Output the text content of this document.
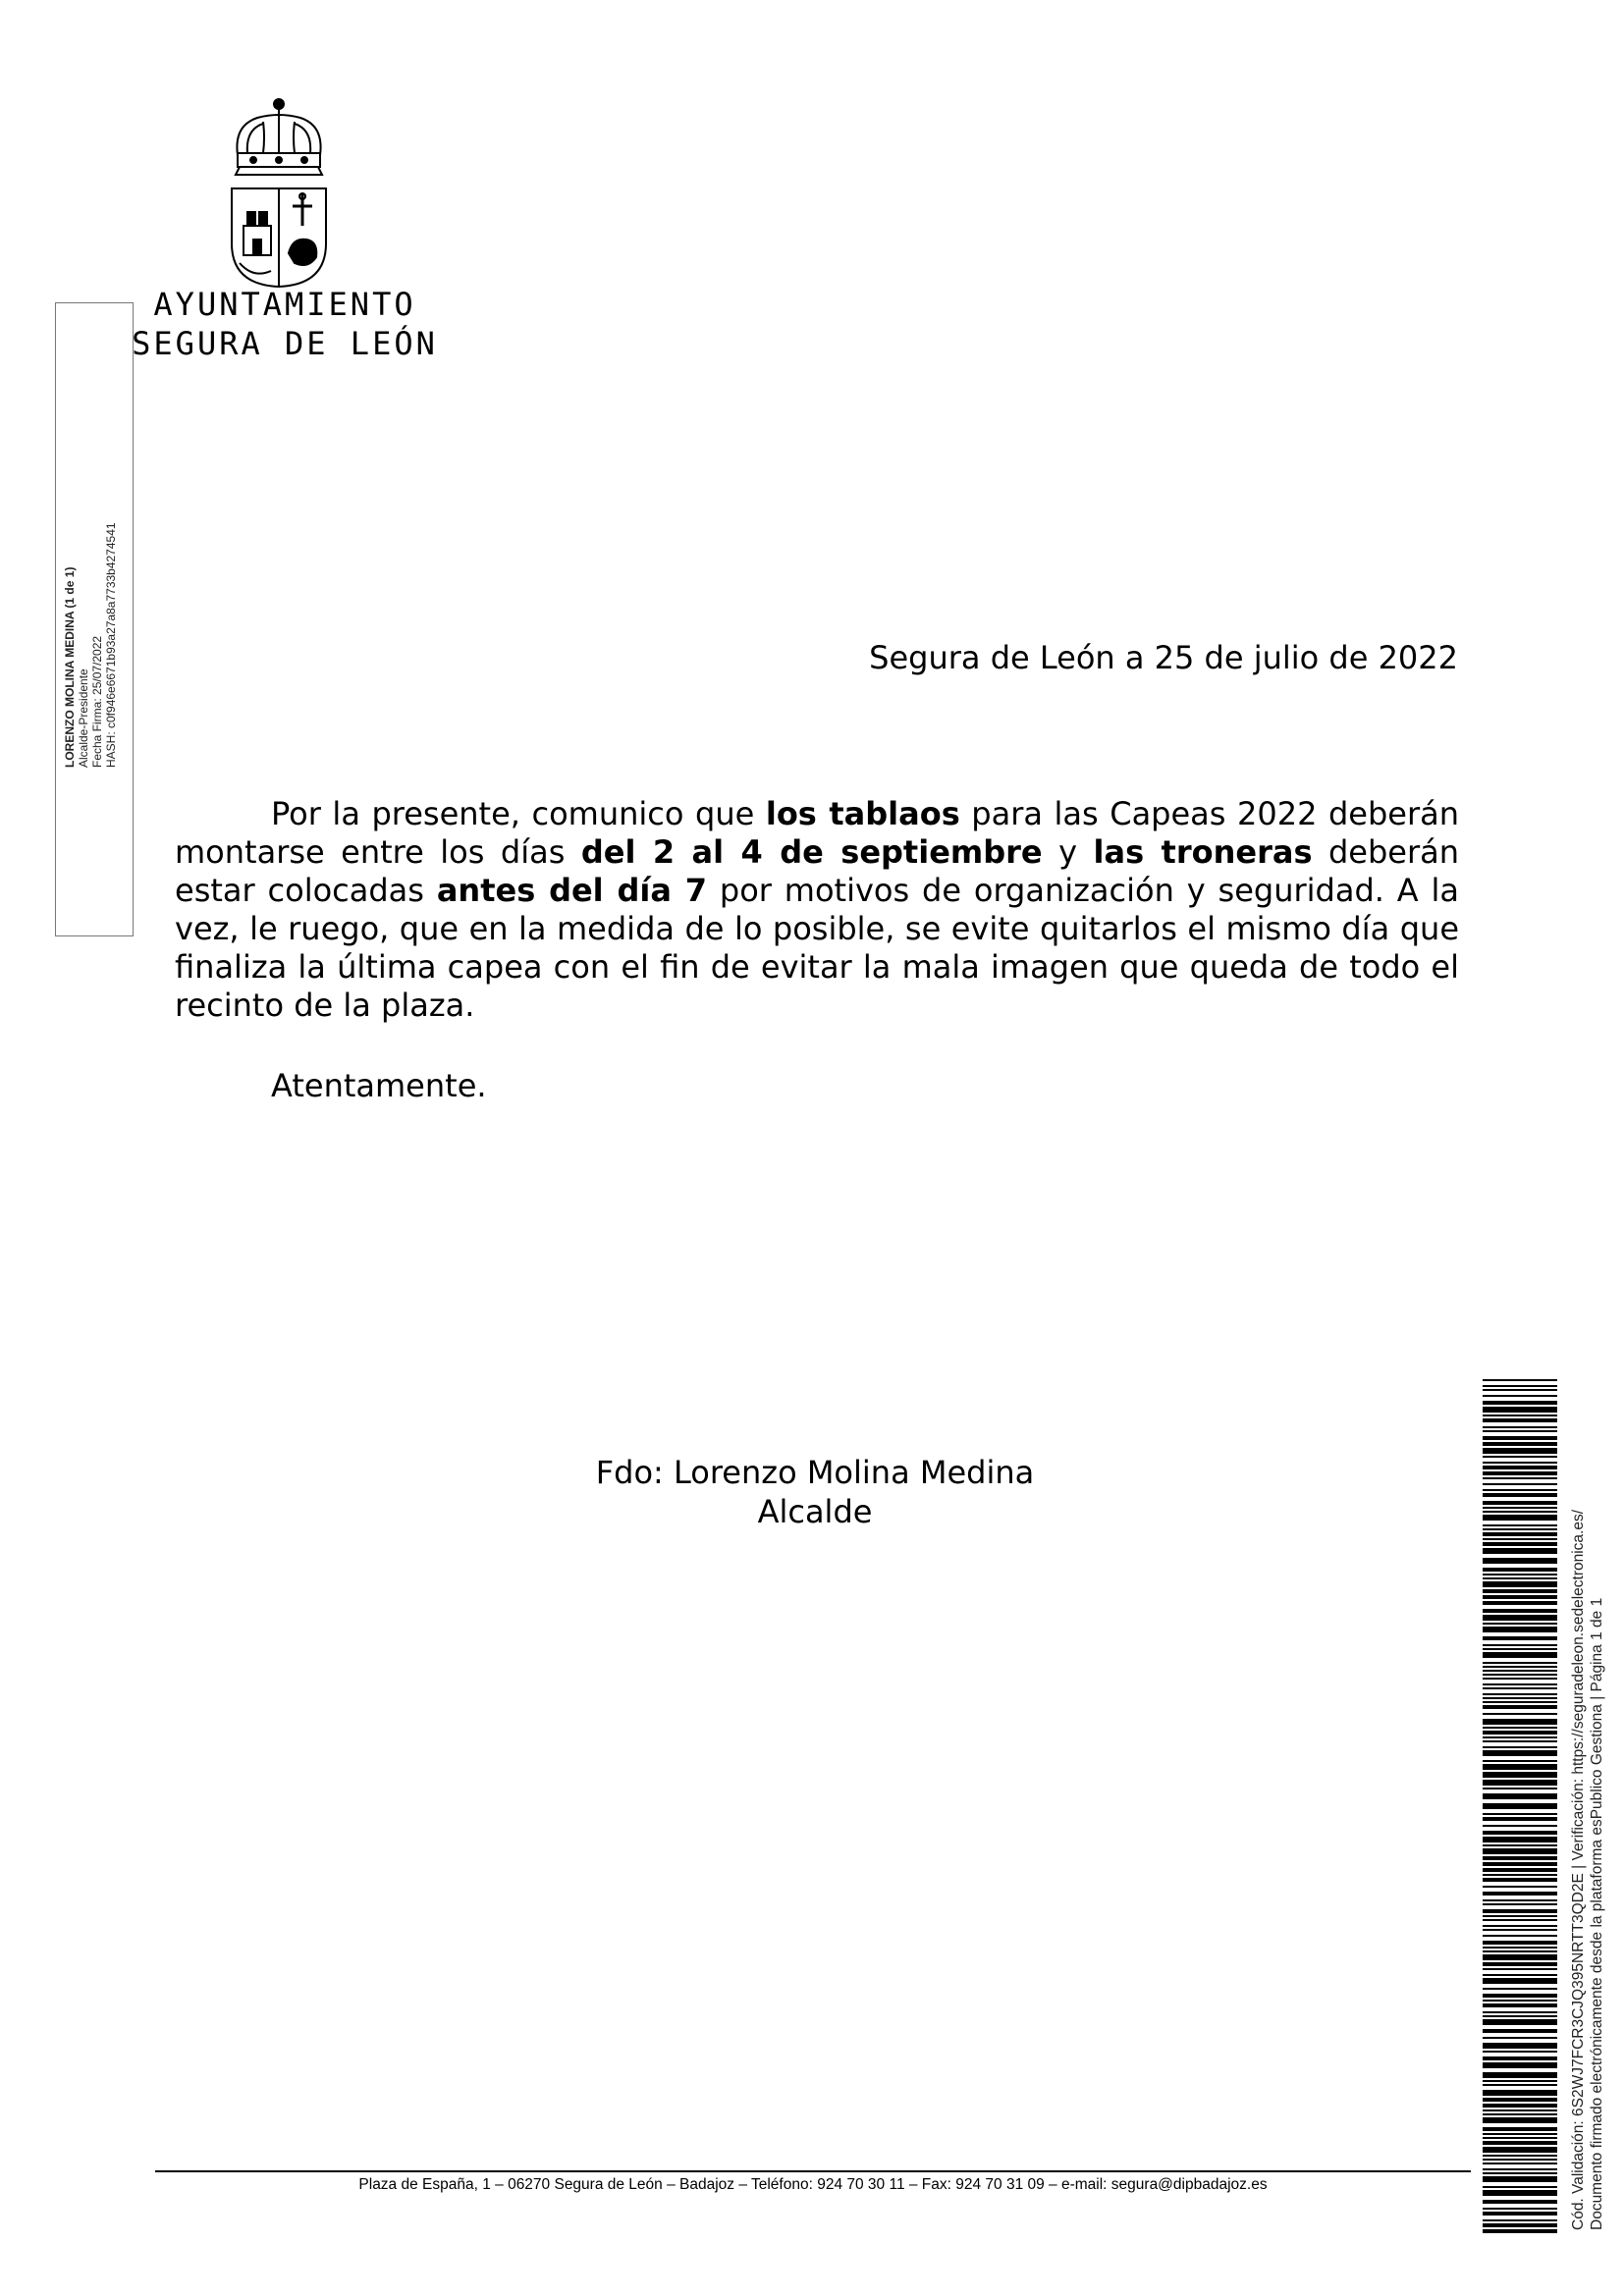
AYUNTAMIENTO
SEGURA DE LEÓN
LORENZO MOLINA MEDINA (1 de 1) Alcalde-Presidente Fecha Firma: 25/07/2022 HASH: c0f946e6671b93a27a8a7733b4274541	Segura de León a 25 de julio de 2022

Por la presente, comunico que los tablaos para las Capeas 2022 deberán montarse entre los días del 2 al 4 de septiembre y las troneras deberán estar colocadas antes del día 7 por motivos de organización y seguridad. A la vez, le ruego, que en la medida de lo posible, se evite quitarlos el mismo día que finaliza la última capea con el fin de evitar la mala imagen que queda de todo el recinto de la plaza.

Atentamente.
Fdo: Lorenzo Molina Medina
Alcalde
Plaza de España, 1 – 06270 Segura de León – Badajoz – Teléfono: 924 70 30 11 – Fax: 924 70 31 09 – e-mail: segura@dipbadajoz.es	Cód. Validación: 6S2WJ7FCR3CJQ395NRTT3QD2E | Verificación: https://seguradeleon.sedelectronica.es/ Documento firmado electrónicamente desde la plataforma esPublico Gestiona | Página 1 de 1
